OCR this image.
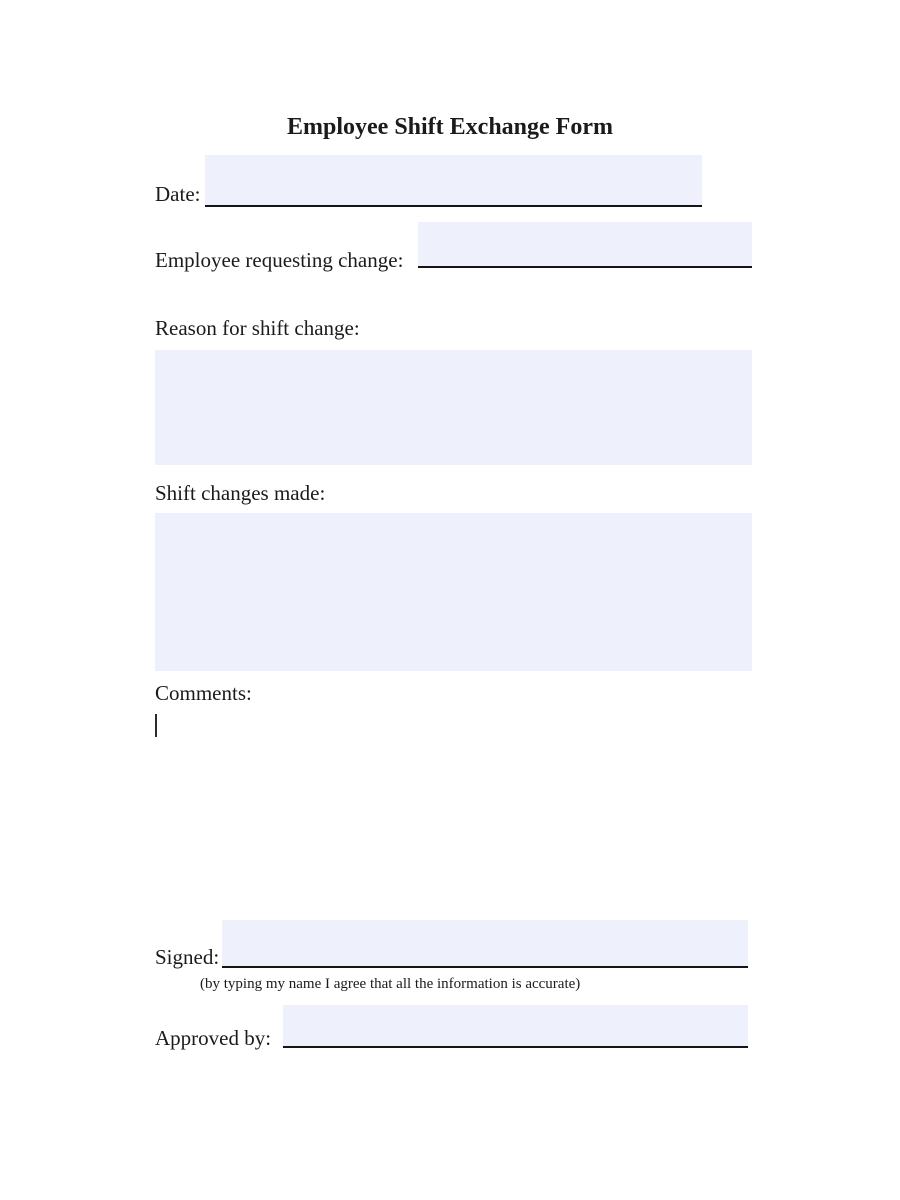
Employee Shift Exchange Form
Date:
Employee requesting change:
Reason for shift change:
Shift changes made:
Comments:
Signed:
(by typing my name I agree that all the information is accurate)
Approved by:
